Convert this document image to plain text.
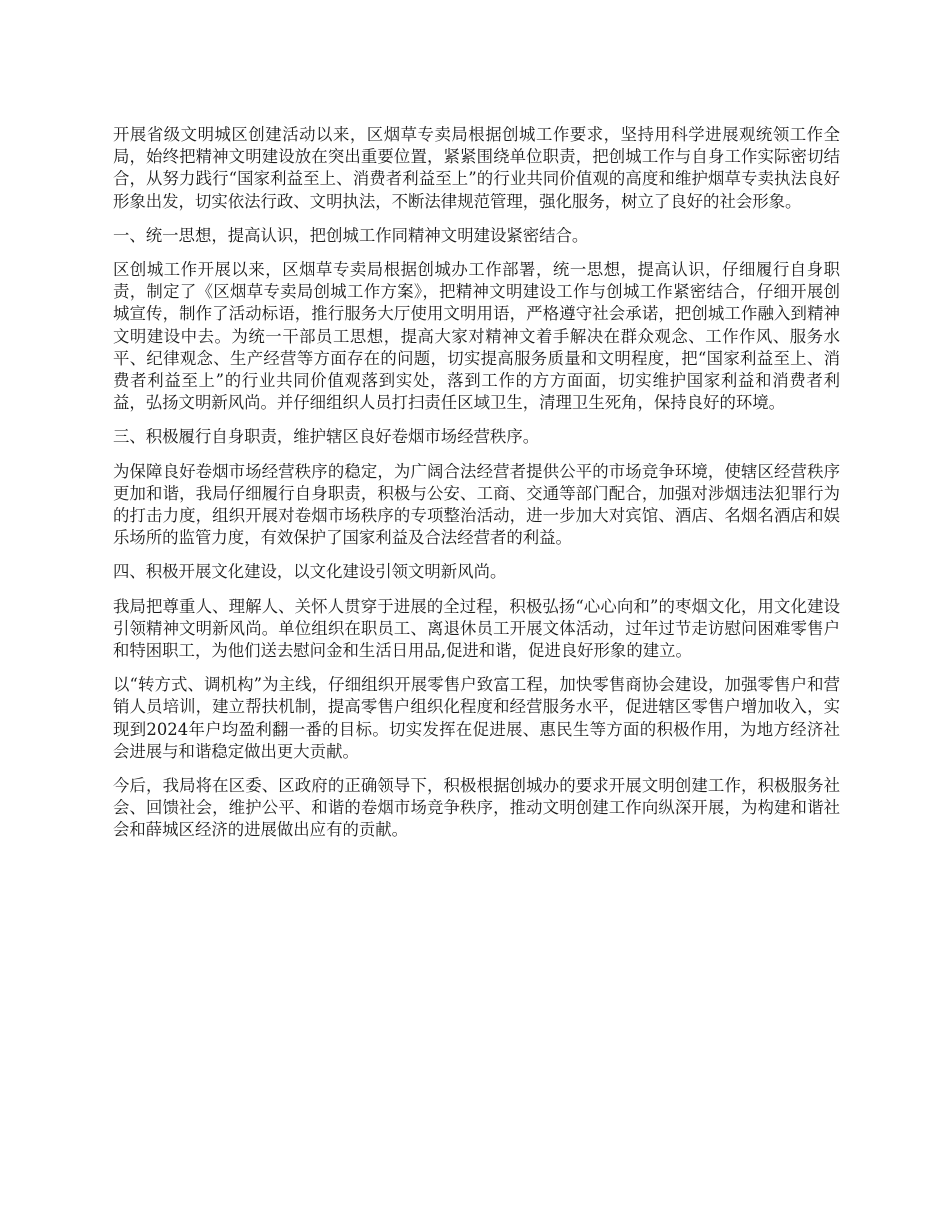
开展省级文明城区创建活动以来，区烟草专卖局根据创城工作要求，坚持用科学进展观统领工作全局，始终把精神文明建设放在突出重要位置，紧紧围绕单位职责，把创城工作与自身工作实际密切结合，从努力践行“国家利益至上、消费者利益至上”的行业共同价值观的高度和维护烟草专卖执法良好形象出发，切实依法行政、文明执法，不断法律规范管理，强化服务，树立了良好的社会形象。

一、统一思想，提高认识，把创城工作同精神文明建设紧密结合。

区创城工作开展以来，区烟草专卖局根据创城办工作部署，统一思想，提高认识，仔细履行自身职责，制定了《区烟草专卖局创城工作方案》，把精神文明建设工作与创城工作紧密结合，仔细开展创城宣传，制作了活动标语，推行服务大厅使用文明用语，严格遵守社会承诺，把创城工作融入到精神文明建设中去。为统一干部员工思想，提高大家对精神文着手解决在群众观念、工作作风、服务水平、纪律观念、生产经营等方面存在的问题，切实提高服务质量和文明程度，把“国家利益至上、消费者利益至上”的行业共同价值观落到实处，落到工作的方方面面，切实维护国家利益和消费者利益，弘扬文明新风尚。并仔细组织人员打扫责任区域卫生，清理卫生死角，保持良好的环境。

三、积极履行自身职责，维护辖区良好卷烟市场经营秩序。

为保障良好卷烟市场经营秩序的稳定，为广阔合法经营者提供公平的市场竞争环境，使辖区经营秩序更加和谐，我局仔细履行自身职责，积极与公安、工商、交通等部门配合，加强对涉烟违法犯罪行为的打击力度，组织开展对卷烟市场秩序的专项整治活动，进一步加大对宾馆、酒店、名烟名酒店和娱乐场所的监管力度，有效保护了国家利益及合法经营者的利益。

四、积极开展文化建设，以文化建设引领文明新风尚。

我局把尊重人、理解人、关怀人贯穿于进展的全过程，积极弘扬“心心向和”的枣烟文化，用文化建设引领精神文明新风尚。单位组织在职员工、离退休员工开展文体活动，过年过节走访慰问困难零售户和特困职工，为他们送去慰问金和生活日用品,促进和谐，促进良好形象的建立。

以“转方式、调机构”为主线，仔细组织开展零售户致富工程，加快零售商协会建设，加强零售户和营销人员培训，建立帮扶机制，提高零售户组织化程度和经营服务水平，促进辖区零售户增加收入，实现到2024年户均盈利翻一番的目标。切实发挥在促进展、惠民生等方面的积极作用，为地方经济社会进展与和谐稳定做出更大贡献。

今后，我局将在区委、区政府的正确领导下，积极根据创城办的要求开展文明创建工作，积极服务社会、回馈社会，维护公平、和谐的卷烟市场竞争秩序，推动文明创建工作向纵深开展，为构建和谐社会和薛城区经济的进展做出应有的贡献。
